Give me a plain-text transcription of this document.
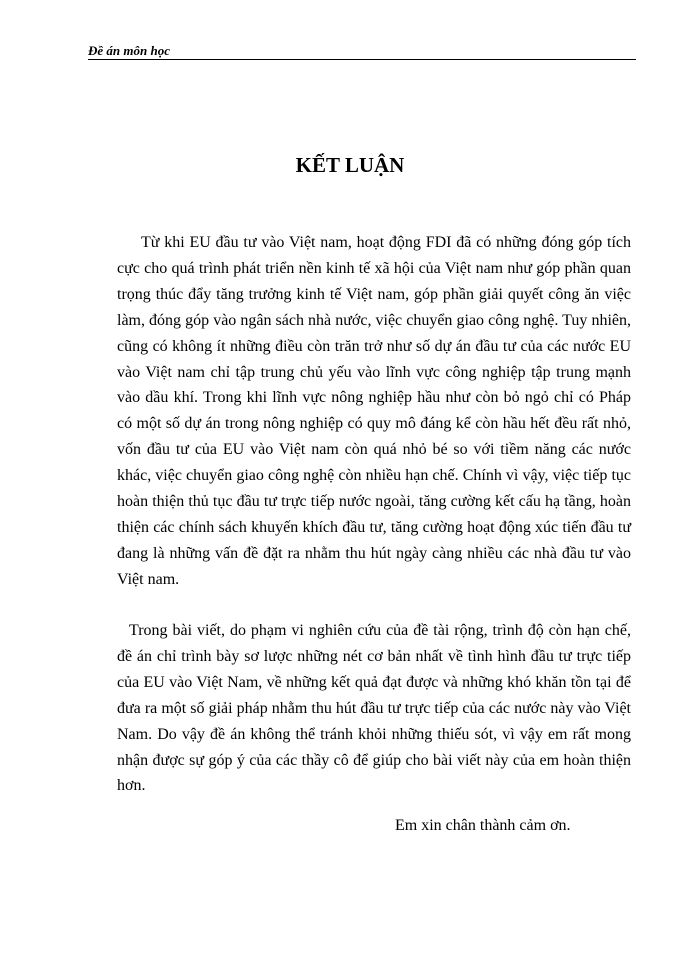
Đề án môn học
KẾT LUẬN

Từ khi EU đầu tư vào Việt nam, hoạt động FDI đã có những đóng góp tích cực cho quá trình phát triển nền kinh tế xã hội của Việt nam như góp phần quan trọng thúc đẩy tăng trưởng kinh tế Việt nam, góp phần giải quyết công ăn việc làm, đóng góp vào ngân sách nhà nước, việc chuyển giao công nghệ. Tuy nhiên, cũng có không ít những điều còn trăn trở như số dự án đầu tư của các nước EU vào Việt nam chỉ tập trung chủ yếu vào lĩnh vực công nghiệp tập trung mạnh vào dầu khí. Trong khi lĩnh vực nông nghiệp hầu như còn bỏ ngỏ chỉ có Pháp có một số dự án trong nông nghiệp có quy mô đáng kể còn hầu hết đều rất nhỏ, vốn đầu tư của EU vào Việt nam còn quá nhỏ bé so với tiềm năng các nước khác, việc chuyển giao công nghệ còn nhiều hạn chế. Chính vì vậy, việc tiếp tục hoàn thiện thủ tục đầu tư trực tiếp nước ngoài, tăng cường kết cấu hạ tầng, hoàn thiện các chính sách khuyến khích đầu tư, tăng cường hoạt động xúc tiến đầu tư đang là những vấn đề đặt ra nhằm thu hút ngày càng nhiều các nhà đầu tư vào Việt nam.

Trong bài viết, do phạm vi nghiên cứu của đề tài rộng, trình độ còn hạn chế, đề án chỉ trình bày sơ lược những nét cơ bản nhất về tình hình đầu tư trực tiếp của EU vào Việt Nam, về những kết quả đạt được và những khó khăn tồn tại để đưa ra một số giải pháp nhằm thu hút đầu tư trực tiếp của các nước này vào Việt Nam. Do vậy đề án không thể tránh khỏi những thiếu sót, vì vậy em rất mong nhận được sự góp ý của các thầy cô để giúp cho bài viết này của em hoàn thiện hơn.

Em xin chân thành cảm ơn.
